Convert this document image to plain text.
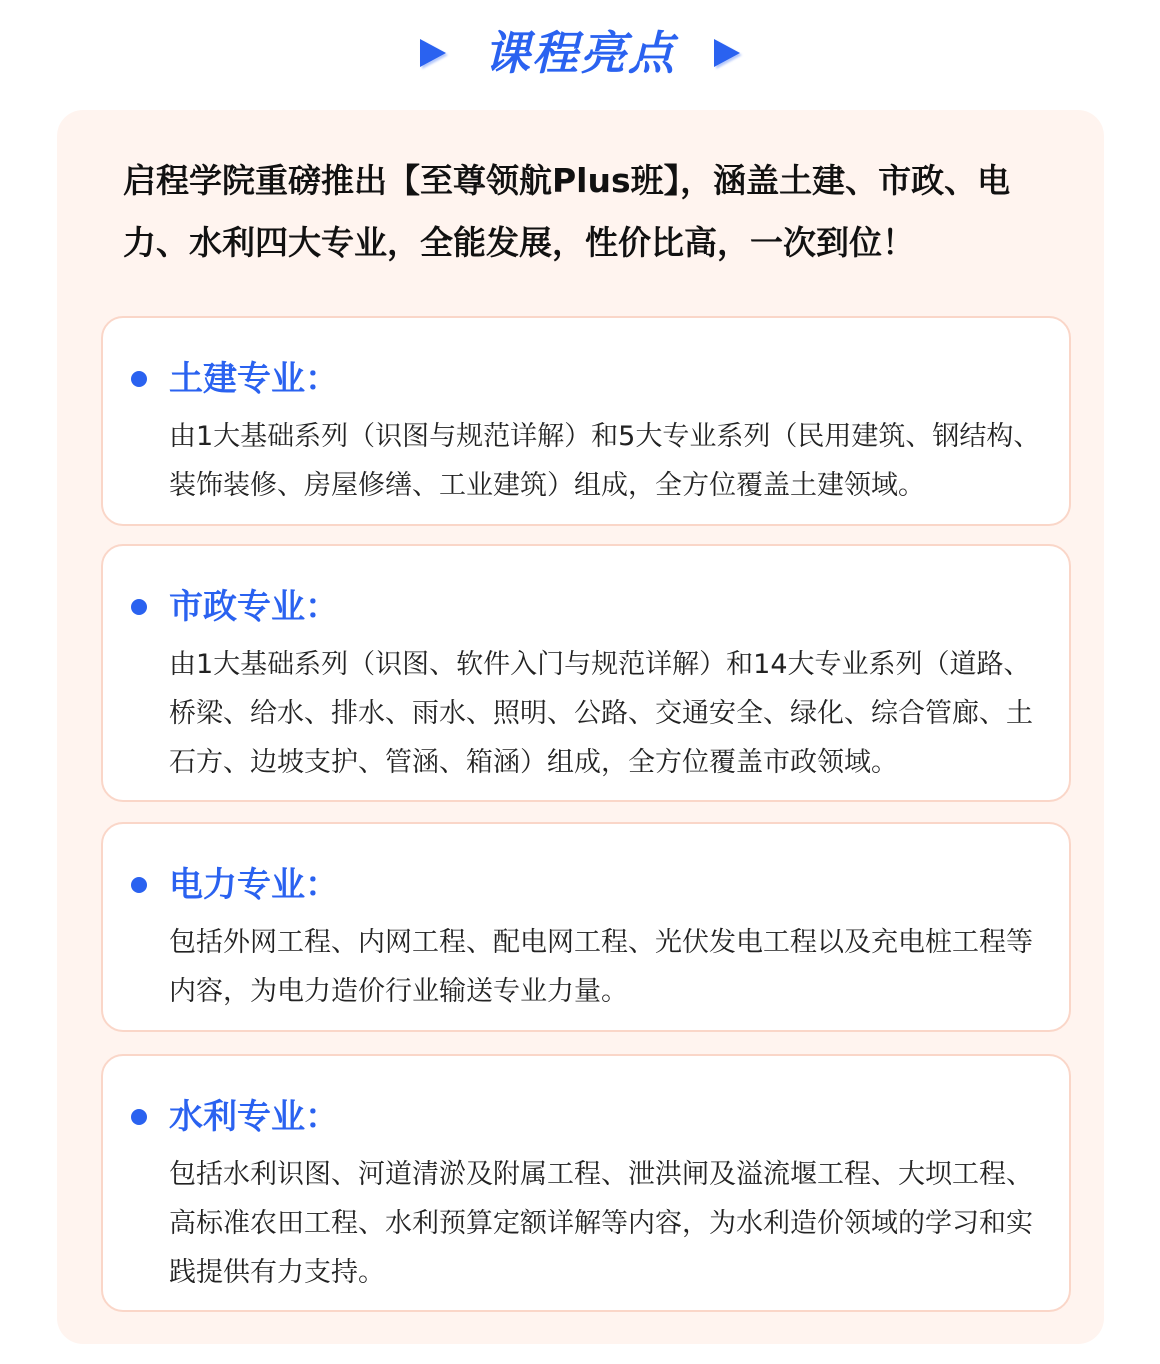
课程亮点

启程学院重磅推出【至尊领航Plus班】，涵盖土建、市政、电力、水利四大专业，全能发展，性价比高，一次到位！

土建专业：

由1大基础系列（识图与规范详解）和5大专业系列（民用建筑、钢结构、装饰装修、房屋修缮、工业建筑）组成，全方位覆盖土建领域。

市政专业：

由1大基础系列（识图、软件入门与规范详解）和14大专业系列（道路、桥梁、给水、排水、雨水、照明、公路、交通安全、绿化、综合管廊、土石方、边坡支护、管涵、箱涵）组成，全方位覆盖市政领域。

电力专业：

包括外网工程、内网工程、配电网工程、光伏发电工程以及充电桩工程等内容，为电力造价行业输送专业力量。

水利专业：

包括水利识图、河道清淤及附属工程、泄洪闸及溢流堰工程、大坝工程、高标准农田工程、水利预算定额详解等内容，为水利造价领域的学习和实践提供有力支持。
